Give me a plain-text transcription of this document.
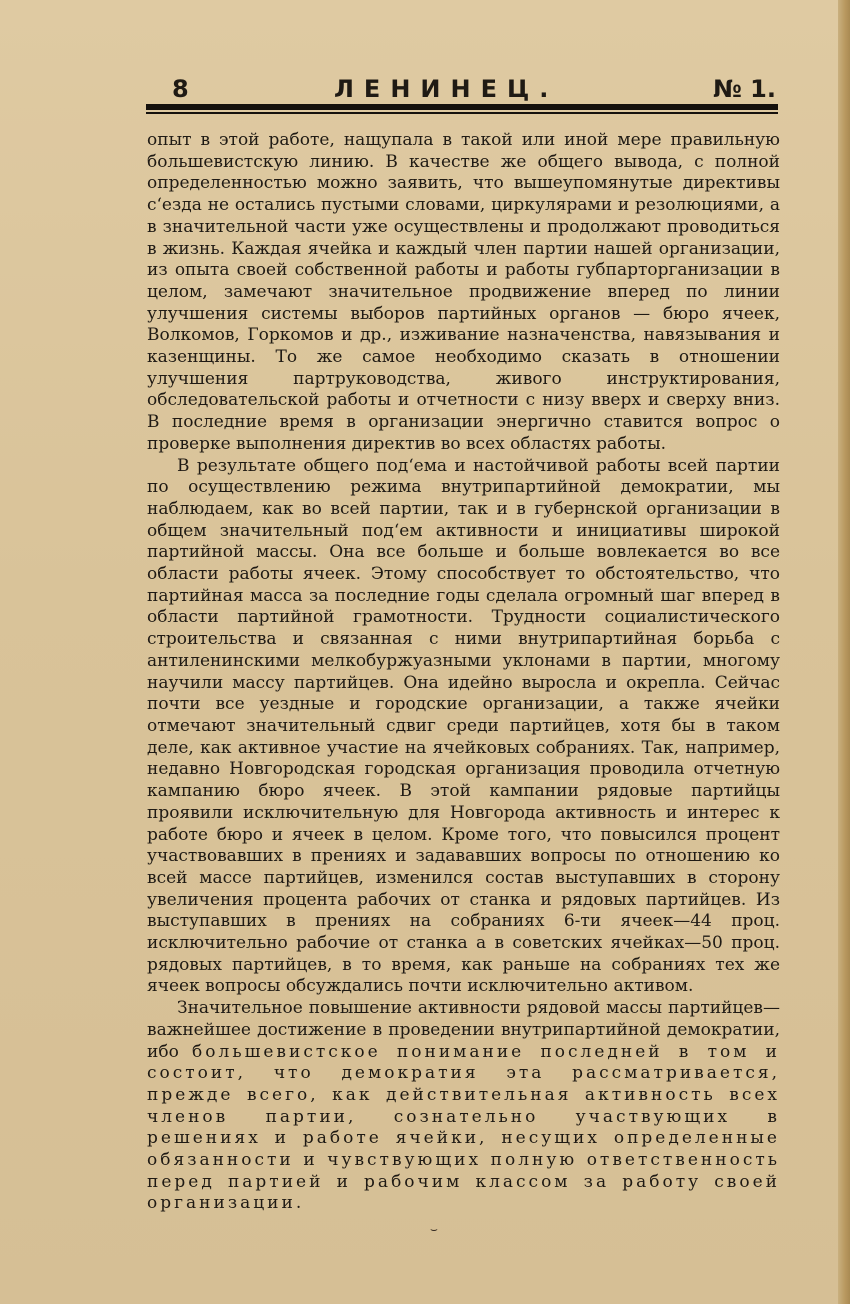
8	ЛЕНИНЕЦ.	№ 1.

опыт в этой работе, нащупала в такой или иной мере правильную большевистскую линию. В качестве же общего вывода, с полной определенностью можно заявить, что вышеупомянутые директивы с‘езда не остались пустыми словами, циркулярами и резолюциями, а в значительной части уже осуществлены и продолжают проводиться в жизнь. Каждая ячейка и каждый член партии нашей организации, из опыта своей собственной работы и работы губпарторганизации в целом, замечают значительное продвижение вперед по линии улучшения системы выборов партийных органов — бюро ячеек, Волкомов, Горкомов и др., изживание назначенства, навязывания и казенщины. То же самое необходимо сказать в отношении улучшения партруководства, живого инструктирования, обследовательской работы и отчетности с низу вверх и сверху вниз. В последние время в организации энергично ставится вопрос о проверке выполнения директив во всех областях работы.

В результате общего под‘ема и настойчивой работы всей партии по осуществлению режима внутрипартийной демократии, мы наблюдаем, как во всей партии, так и в губернской организации в общем значительный под‘ем активности и инициативы широкой партийной массы. Она все больше и больше вовлекается во все области работы ячеек. Этому способствует то обстоятельство, что партийная масса за последние годы сделала огромный шаг вперед в области партийной грамотности. Трудности социалистического строительства и связанная с ними внутрипартийная борьба с антиленинскими мелкобуржуазными уклонами в партии, многому научили массу партийцев. Она идейно выросла и окрепла. Сейчас почти все уездные и городские организации, а также ячейки отмечают значительный сдвиг среди партийцев, хотя бы в таком деле, как активное участие на ячейковых собраниях. Так, например, недавно Новгородская городская организация проводила отчетную кампанию бюро ячеек. В этой кампании рядовые партийцы проявили исключительную для Новгорода активность и интерес к работе бюро и ячеек в целом. Кроме того, что повысился процент участвовавших в прениях и задававших вопросы по отношению ко всей массе партийцев, изменился состав выступавших в сторону увеличения процента рабочих от станка и рядовых партийцев. Из выступавших в прениях на собраниях 6-ти ячеек—44 проц. исключительно рабочие от станка а в советских ячейках—50 проц. рядовых партийцев, в то время, как раньше на собраниях тех же ячеек вопросы обсуждались почти исключительно активом.

Значительное повышение активности рядовой массы партийцев— важнейшее достижение в проведении внутрипартийной демократии, ибо большевистское понимание последней в том и состоит, что демократия эта рассматривается, прежде всего, как действительная активность всех членов партии, сознательно участвующих в решениях и работе ячейки, несущих определенные обязанности и чувствующих полную ответственность перед партией и рабочим классом за работу своей организации.

⌣
